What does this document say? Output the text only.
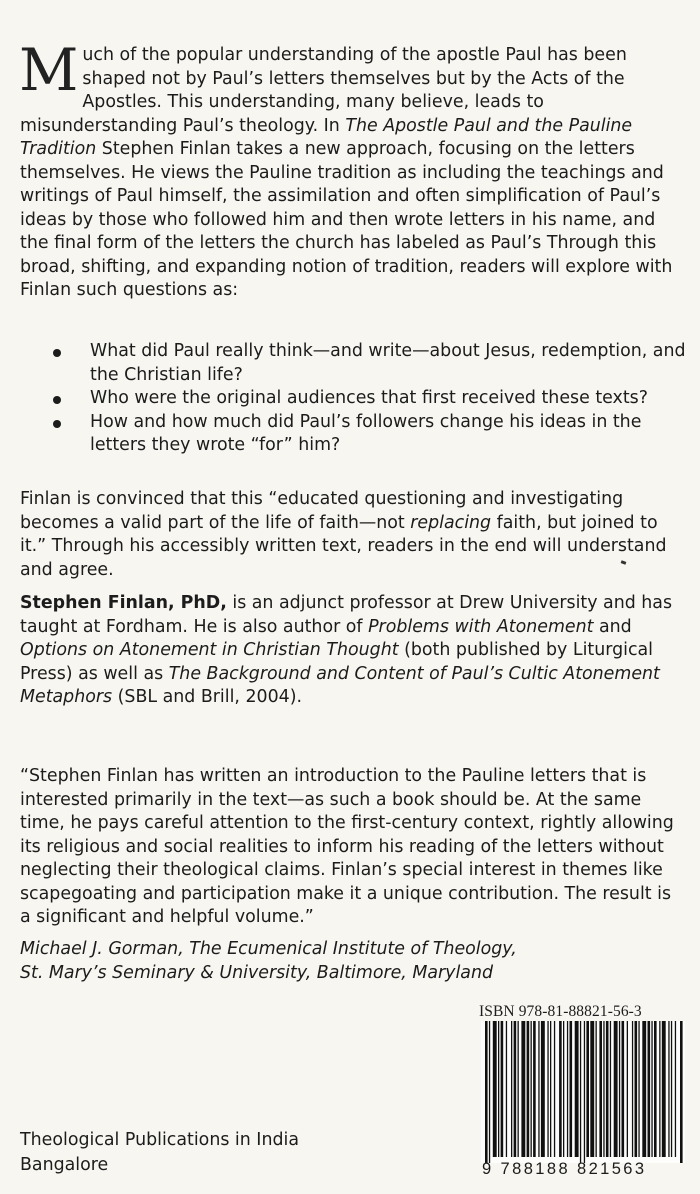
M uch of the popular understanding of the apostle Paul has been shaped not by Paul’s letters themselves but by the Acts of the Apostles. This understanding, many believe, leads to misunderstanding Paul’s theology. In The Apostle Paul and the Pauline Tradition Stephen Finlan takes a new approach, focusing on the letters themselves. He views the Pauline tradition as including the teachings and writings of Paul himself, the assimilation and often simplification of Paul’s ideas by those who followed him and then wrote letters in his name, and the final form of the letters the church has labeled as Paul’s Through this broad, shifting, and expanding notion of tradition, readers will explore with Finlan such questions as:

What did Paul really think—and write—about Jesus, redemption, and the Christian life?
Who were the original audiences that first received these texts?
How and how much did Paul’s followers change his ideas in the letters they wrote “for” him?

Finlan is convinced that this “educated questioning and investigating becomes a valid part of the life of faith—not replacing faith, but joined to it.” Through his accessibly written text, readers in the end will understand and agree.

Stephen Finlan, PhD, is an adjunct professor at Drew University and has taught at Fordham. He is also author of Problems with Atonement and Options on Atonement in Christian Thought (both published by Liturgical Press) as well as The Background and Content of Paul’s Cultic Atonement Metaphors (SBL and Brill, 2004).

“Stephen Finlan has written an introduction to the Pauline letters that is interested primarily in the text—as such a book should be. At the same time, he pays careful attention to the first-century context, rightly allowing its religious and social realities to inform his reading of the letters without neglecting their theological claims. Finlan’s special interest in themes like scapegoating and participation make it a unique contribution. The result is a significant and helpful volume.”

Michael J. Gorman, The Ecumenical Institute of Theology,

St. Mary’s Seminary & University, Baltimore, Maryland

ISBN 978-81-88821-56-3
9 788188 821563
Theological Publications in India
Bangalore
